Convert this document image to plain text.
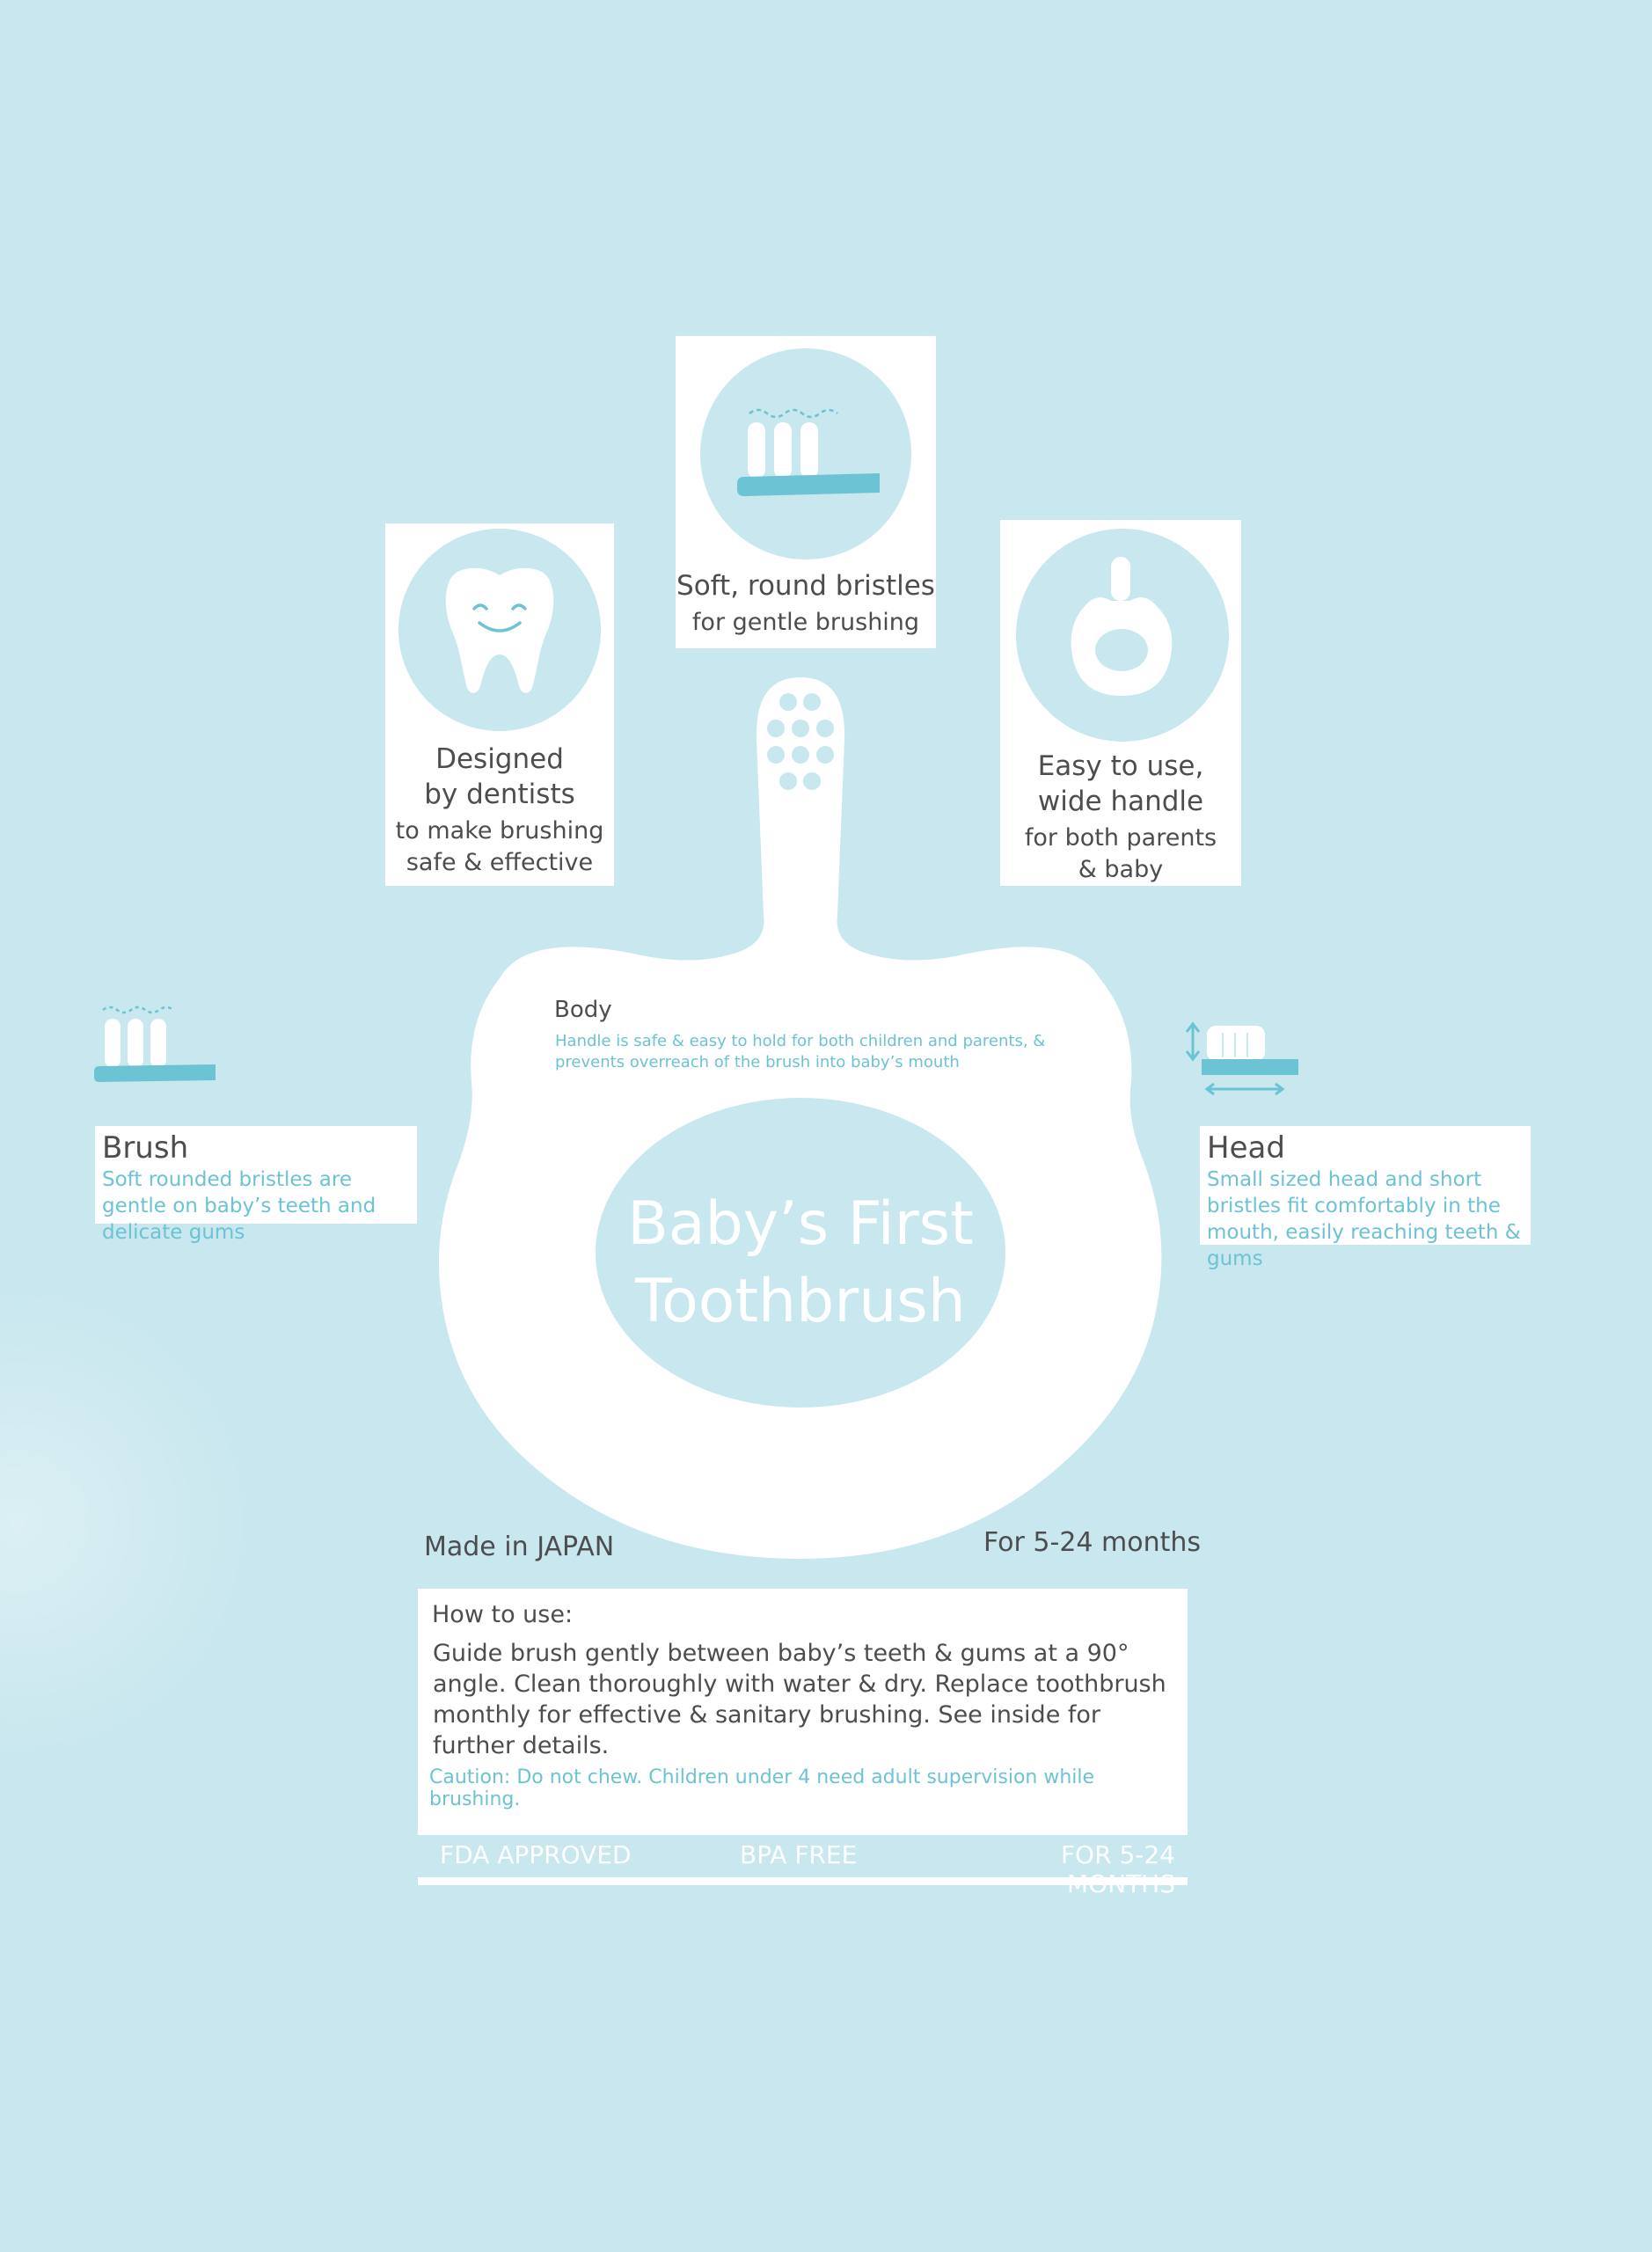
Designed
by dentists
to make brushing
safe & effective
Soft, round bristles
for gentle brushing
Easy to use,
wide handle
for both parents
& baby
Body
Handle is safe & easy to hold for both children and parents, & prevents overreach of the brush into baby’s mouth
Baby’s First
Toothbrush
Brush
Soft rounded bristles are gentle on baby’s teeth and delicate gums
Head
Small sized head and short bristles fit comfortably in the mouth, easily reaching teeth & gums
Made in JAPAN	For 5-24 months
How to use:
Guide brush gently between baby’s teeth & gums at a 90° angle. Clean thoroughly with water & dry. Replace toothbrush monthly for effective & sanitary brushing. See inside for further details.
Caution: Do not chew. Children under 4 need adult supervision while brushing.
FDA APPROVED	BPA FREE	FOR 5-24 MONTHS
